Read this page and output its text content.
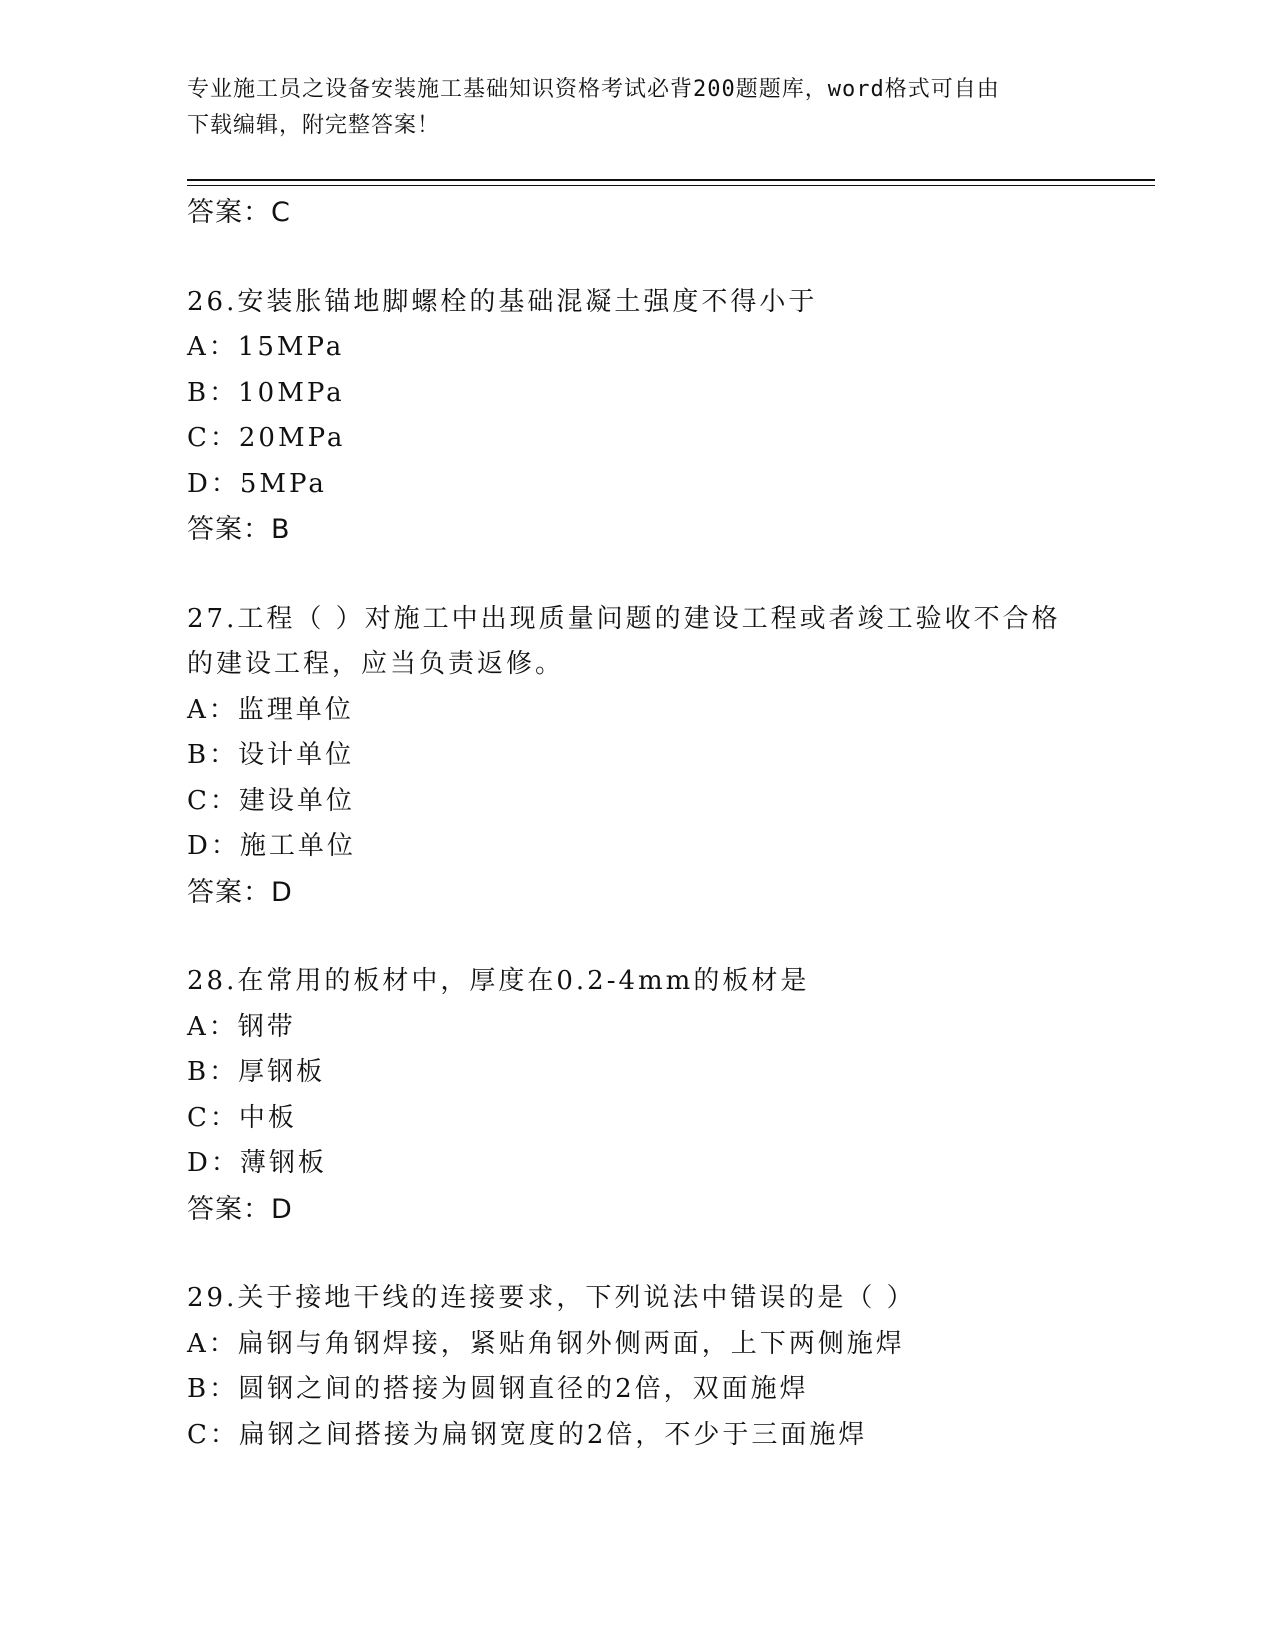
专业施工员之设备安装施工基础知识资格考试必背200题题库，word格式可自由
下载编辑，附完整答案！
答案：C
26.安装胀锚地脚螺栓的基础混凝土强度不得小于
A：15MPa
B：10MPa
C：20MPa
D：5MPa
答案：B
27.工程（ ）对施工中出现质量问题的建设工程或者竣工验收不合格
的建设工程，应当负责返修。
A：监理单位
B：设计单位
C：建设单位
D：施工单位
答案：D
28.在常用的板材中，厚度在0.2-4mm的板材是
A：钢带
B：厚钢板
C：中板
D：薄钢板
答案：D
29.关于接地干线的连接要求，下列说法中错误的是（ ）
A：扁钢与角钢焊接，紧贴角钢外侧两面，上下两侧施焊
B：圆钢之间的搭接为圆钢直径的2倍，双面施焊
C：扁钢之间搭接为扁钢宽度的2倍，不少于三面施焊
